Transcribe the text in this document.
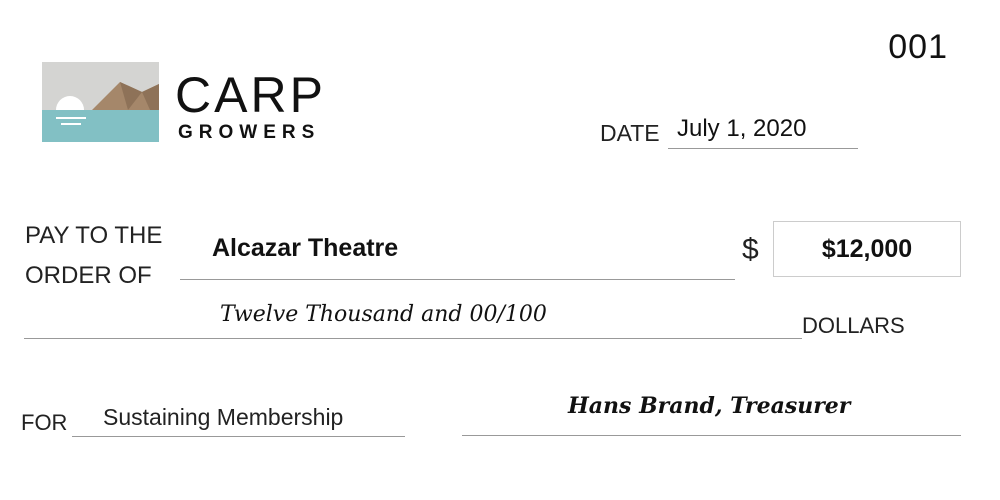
001
CARP
GROWERS	DATE July 1, 2020
PAY TO THE
ORDER OF
Alcazar Theatre	$	$12,000
Twelve Thousand and 00/100	DOLLARS
FOR Sustaining Membership	Hans Brand, Treasurer
